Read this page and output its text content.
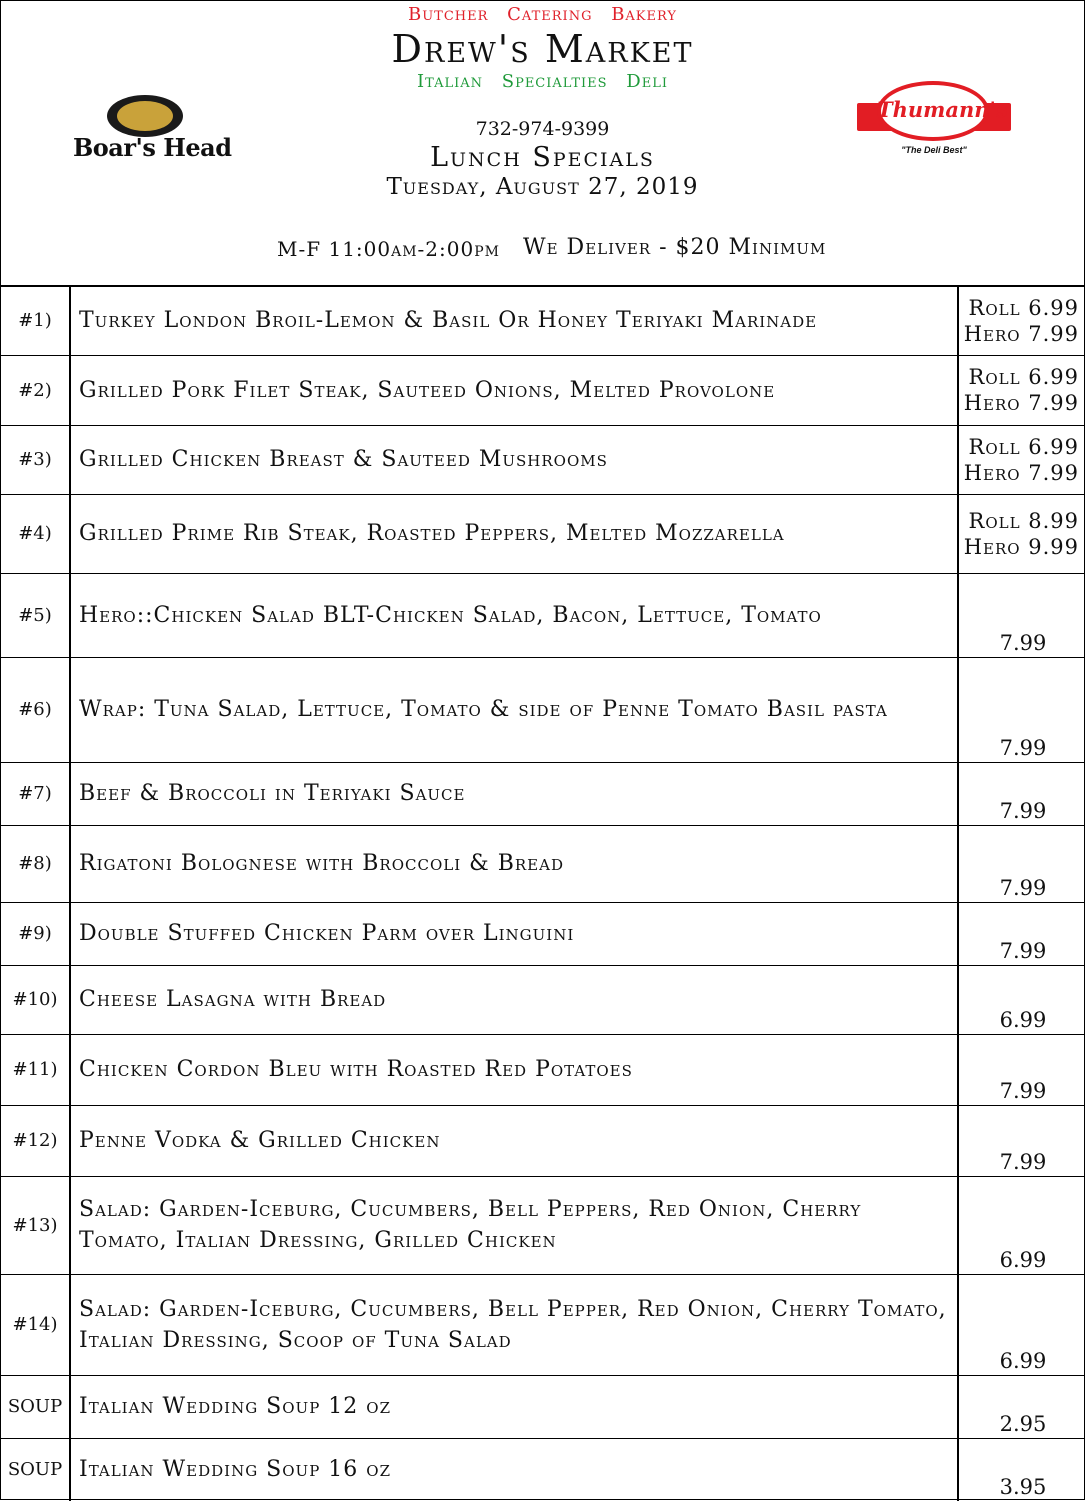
Butcher Catering Bakery
Drew's Market
Italian Specialties Deli
732-974-9399
Lunch Specials
Tuesday, August 27, 2019
M-F 11:00am-2:00pm We Deliver - $20 Minimum
Boar's Head
Thumann's
"The Deli Best"
#1)	Turkey London Broil-Lemon & Basil Or Honey Teriyaki Marinade	Roll 6.99
Hero 7.99

#2)	Grilled Pork Filet Steak, Sauteed Onions, Melted Provolone	Roll 6.99
Hero 7.99

#3)	Grilled Chicken Breast & Sauteed Mushrooms	Roll 6.99
Hero 7.99

#4)	Grilled Prime Rib Steak, Roasted Peppers, Melted Mozzarella	Roll 8.99
Hero 9.99

#5)	Hero::Chicken Salad BLT-Chicken Salad, Bacon, Lettuce, Tomato	7.99

#6)	Wrap: Tuna Salad, Lettuce, Tomato & side of Penne Tomato Basil pasta	7.99

#7)	Beef & Broccoli in Teriyaki Sauce	7.99

#8)	Rigatoni Bolognese with Broccoli & Bread	7.99

#9)	Double Stuffed Chicken Parm over Linguini	7.99

#10)	Cheese Lasagna with Bread	6.99

#11)	Chicken Cordon Bleu with Roasted Red Potatoes	7.99

#12)	Penne Vodka & Grilled Chicken	7.99

#13)	Salad: Garden-Iceburg, Cucumbers, Bell Peppers, Red Onion, Cherry Tomato, Italian Dressing, Grilled Chicken	6.99

#14)	Salad: Garden-Iceburg, Cucumbers, Bell Pepper, Red Onion, Cherry Tomato, Italian Dressing, Scoop of Tuna Salad	6.99

SOUP	Italian Wedding Soup 12 oz	2.95

SOUP	Italian Wedding Soup 16 oz	3.95
